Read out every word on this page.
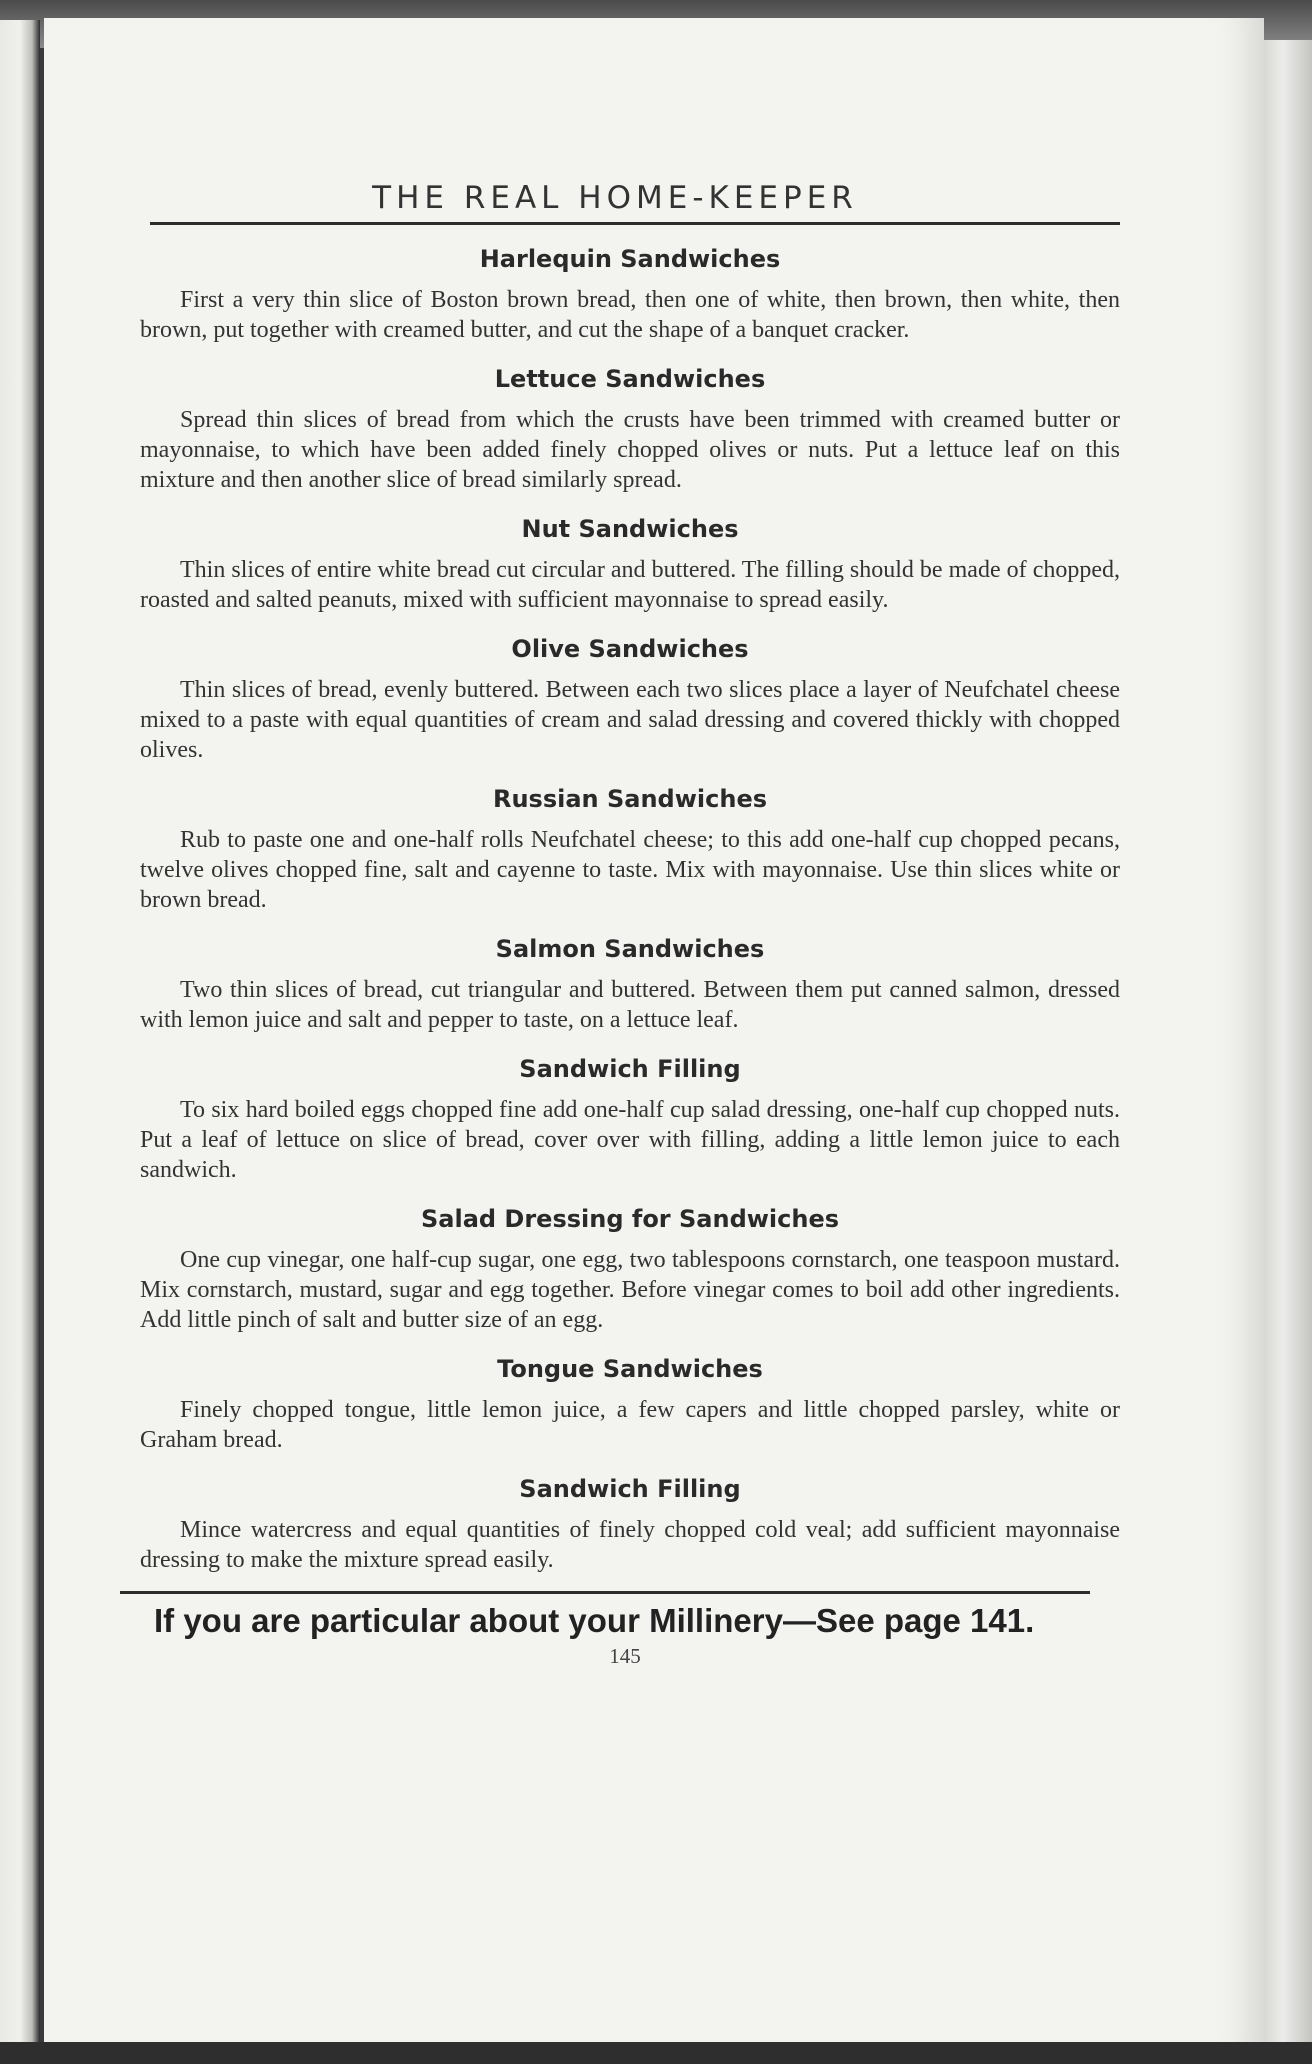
THE REAL HOME-KEEPER
Harlequin Sandwiches

First a very thin slice of Boston brown bread, then one of white, then brown, then white, then brown, put together with creamed butter, and cut the shape of a banquet cracker.

Lettuce Sandwiches

Spread thin slices of bread from which the crusts have been trimmed with creamed butter or mayonnaise, to which have been added finely chopped olives or nuts. Put a lettuce leaf on this mixture and then another slice of bread similarly spread.

Nut Sandwiches

Thin slices of entire white bread cut circular and buttered. The filling should be made of chopped, roasted and salted peanuts, mixed with sufficient mayonnaise to spread easily.

Olive Sandwiches

Thin slices of bread, evenly buttered. Between each two slices place a layer of Neufchatel cheese mixed to a paste with equal quantities of cream and salad dressing and covered thickly with chopped olives.

Russian Sandwiches

Rub to paste one and one-half rolls Neufchatel cheese; to this add one-half cup chopped pecans, twelve olives chopped fine, salt and cayenne to taste. Mix with mayonnaise. Use thin slices white or brown bread.

Salmon Sandwiches

Two thin slices of bread, cut triangular and buttered. Between them put canned salmon, dressed with lemon juice and salt and pepper to taste, on a lettuce leaf.

Sandwich Filling

To six hard boiled eggs chopped fine add one-half cup salad dressing, one-half cup chopped nuts. Put a leaf of lettuce on slice of bread, cover over with filling, adding a little lemon juice to each sandwich.

Salad Dressing for Sandwiches

One cup vinegar, one half-cup sugar, one egg, two tablespoons cornstarch, one teaspoon mustard. Mix cornstarch, mustard, sugar and egg together. Before vinegar comes to boil add other ingredients. Add little pinch of salt and butter size of an egg.

Tongue Sandwiches

Finely chopped tongue, little lemon juice, a few capers and little chopped parsley, white or Graham bread.

Sandwich Filling

Mince watercress and equal quantities of finely chopped cold veal; add sufficient mayonnaise dressing to make the mixture spread easily.

If you are particular about your Millinery—See page 141.
145
